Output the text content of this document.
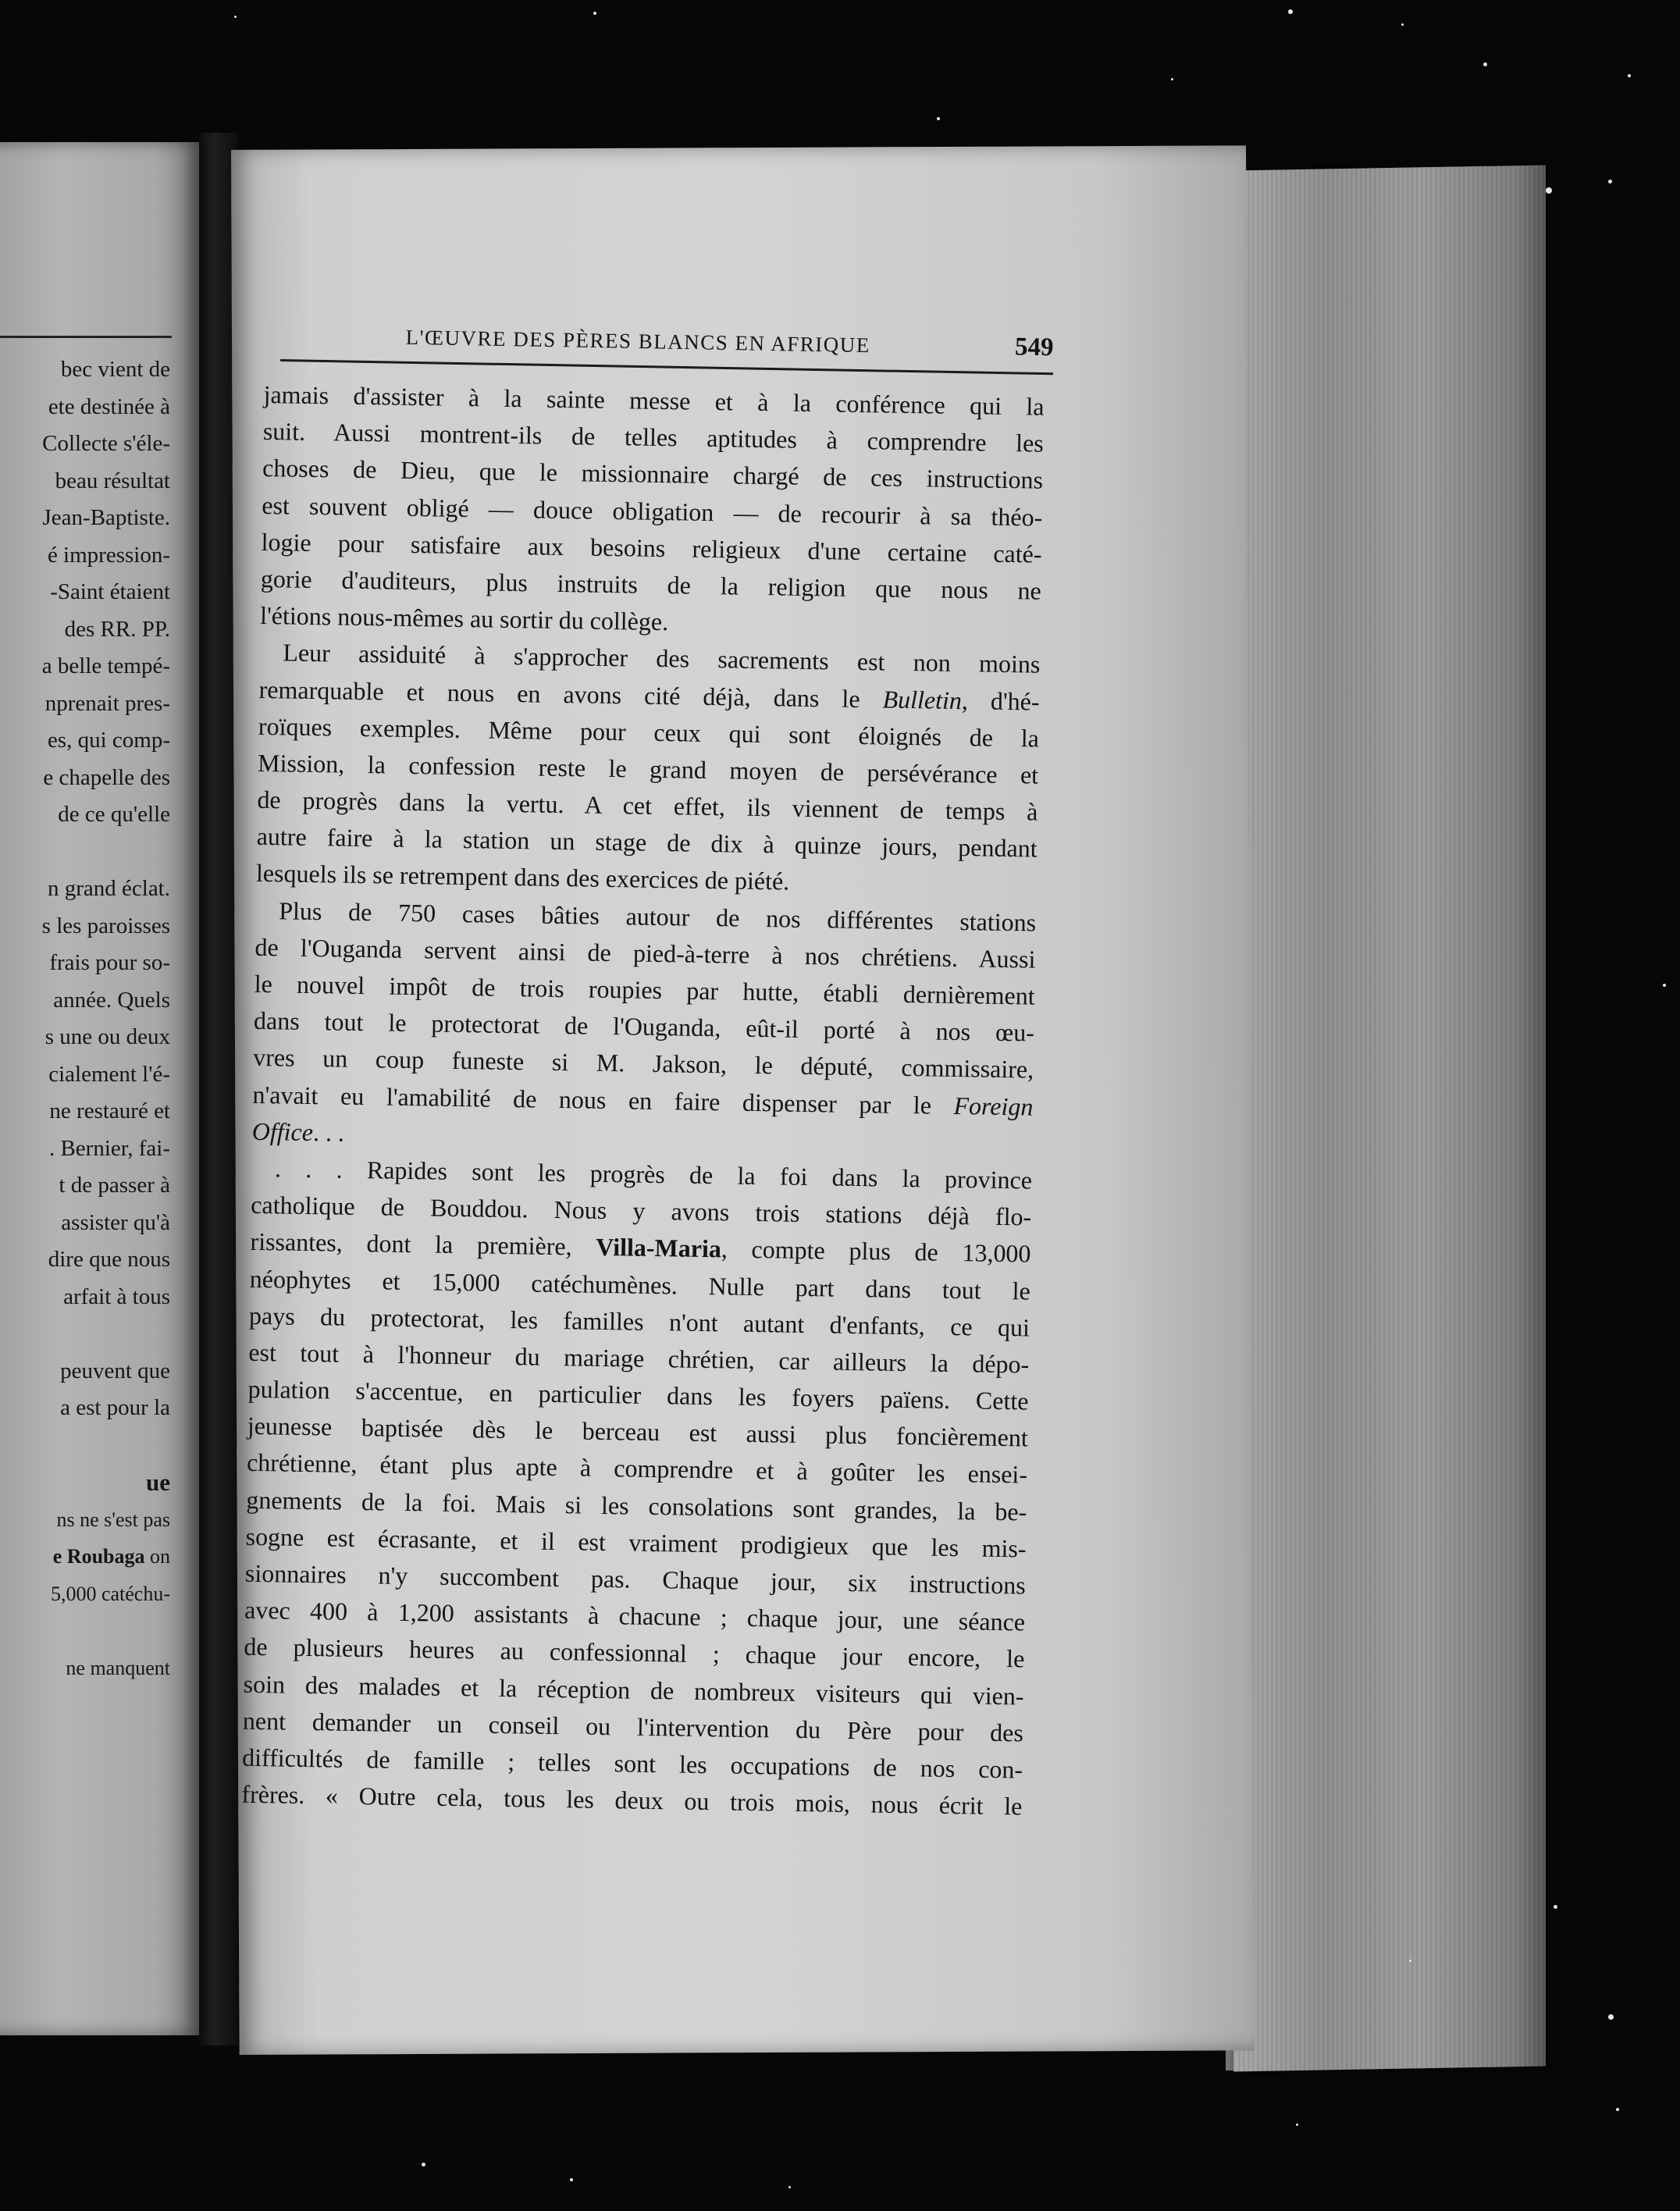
bec vient de
ete destinée à
Collecte s'éle-
beau résultat
Jean-Baptiste.
é impression-
-Saint étaient
des RR. PP.
a belle tempé-
nprenait pres-
es, qui comp-
e chapelle des
de ce qu'elle
n grand éclat.
s les paroisses
frais pour so-
année. Quels
s une ou deux
cialement l'é-
ne restauré et
. Bernier, fai-
t de passer à
assister qu'à
dire que nous
arfait à tous
peuvent que
a est pour la
ue
ns ne s'est pas
e Roubaga on
5,000 catéchu-
ne manquent
L'ŒUVRE DES PÈRES BLANCS EN AFRIQUE	549
jamais d'assister à la sainte messe et à la conférence qui la
suit. Aussi montrent-ils de telles aptitudes à comprendre les
choses de Dieu, que le missionnaire chargé de ces instructions
est souvent obligé — douce obligation — de recourir à sa théo-
logie pour satisfaire aux besoins religieux d'une certaine caté-
gorie d'auditeurs, plus instruits de la religion que nous ne
l'étions nous-mêmes au sortir du collège.
Leur assiduité à s'approcher des sacrements est non moins
remarquable et nous en avons cité déjà, dans le Bulletin, d'hé-
roïques exemples. Même pour ceux qui sont éloignés de la
Mission, la confession reste le grand moyen de persévérance et
de progrès dans la vertu. A cet effet, ils viennent de temps à
autre faire à la station un stage de dix à quinze jours, pendant
lesquels ils se retrempent dans des exercices de piété.
Plus de 750 cases bâties autour de nos différentes stations
de l'Ouganda servent ainsi de pied-à-terre à nos chrétiens. Aussi
le nouvel impôt de trois roupies par hutte, établi dernièrement
dans tout le protectorat de l'Ouganda, eût-il porté à nos œu-
vres un coup funeste si M. Jakson, le député, commissaire,
n'avait eu l'amabilité de nous en faire dispenser par le Foreign
Office. . .
. . . Rapides sont les progrès de la foi dans la province
catholique de Bouddou. Nous y avons trois stations déjà flo-
rissantes, dont la première, Villa-Maria, compte plus de 13,000
néophytes et 15,000 catéchumènes. Nulle part dans tout le
pays du protectorat, les familles n'ont autant d'enfants, ce qui
est tout à l'honneur du mariage chrétien, car ailleurs la dépo-
pulation s'accentue, en particulier dans les foyers païens. Cette
jeunesse baptisée dès le berceau est aussi plus foncièrement
chrétienne, étant plus apte à comprendre et à goûter les ensei-
gnements de la foi. Mais si les consolations sont grandes, la be-
sogne est écrasante, et il est vraiment prodigieux que les mis-
sionnaires n'y succombent pas. Chaque jour, six instructions
avec 400 à 1,200 assistants à chacune ; chaque jour, une séance
de plusieurs heures au confessionnal ; chaque jour encore, le
soin des malades et la réception de nombreux visiteurs qui vien-
nent demander un conseil ou l'intervention du Père pour des
difficultés de famille ; telles sont les occupations de nos con-
frères. « Outre cela, tous les deux ou trois mois, nous écrit le
